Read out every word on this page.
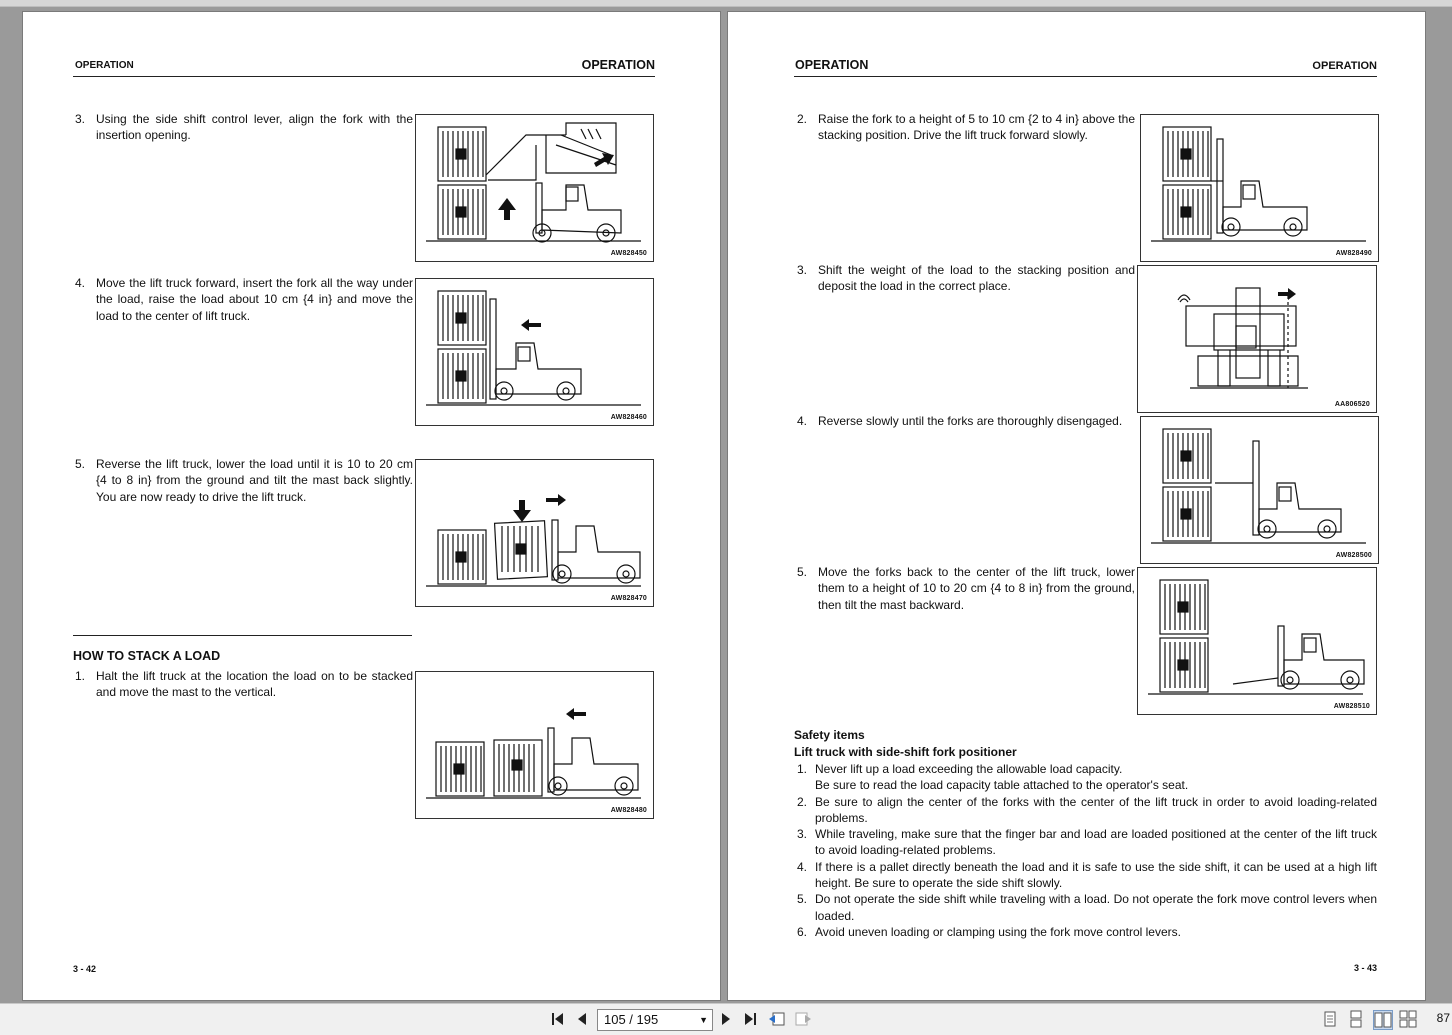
OPERATION	OPERATION
3. Using the side shift control lever, align the fork with the insertion opening.
AW828450
4. Move the lift truck forward, insert the fork all the way under the load, raise the load about 10 cm {4 in} and move the load to the center of lift truck.
AW828460
5. Reverse the lift truck, lower the load until it is 10 to 20 cm {4 to 8 in} from the ground and tilt the mast back slightly. You are now ready to drive the lift truck.
AW828470
HOW TO STACK A LOAD
1. Halt the lift truck at the location the load on to be stacked and move the mast to the vertical.
AW828480
3 - 42
OPERATION	OPERATION
2. Raise the fork to a height of 5 to 10 cm {2 to 4 in} above the stacking position. Drive the lift truck forward slowly.
AW828490
3. Shift the weight of the load to the stacking position and deposit the load in the correct place.
AA806520
4. Reverse slowly until the forks are thoroughly disengaged.
AW828500
5. Move the forks back to the center of the lift truck, lower them to a height of 10 to 20 cm {4 to 8 in} from the ground, then tilt the mast backward.
AW828510
Safety items
Lift truck with side-shift fork positioner
1. Never lift up a load exceeding the allowable load capacity.
Be sure to read the load capacity table attached to the operator's seat.
2. Be sure to align the center of the forks with the center of the lift truck in order to avoid loading-related problems.
3. While traveling, make sure that the finger bar and load are loaded positioned at the center of the lift truck to avoid loading-related problems.
4. If there is a pallet directly beneath the load and it is safe to use the side shift, it can be used at a high lift height. Be sure to operate the side shift slowly.
5. Do not operate the side shift while traveling with a load. Do not operate the fork move control levers when loaded.
6. Avoid uneven loading or clamping using the fork move control levers.
3 - 43
105 / 195	▼	87
